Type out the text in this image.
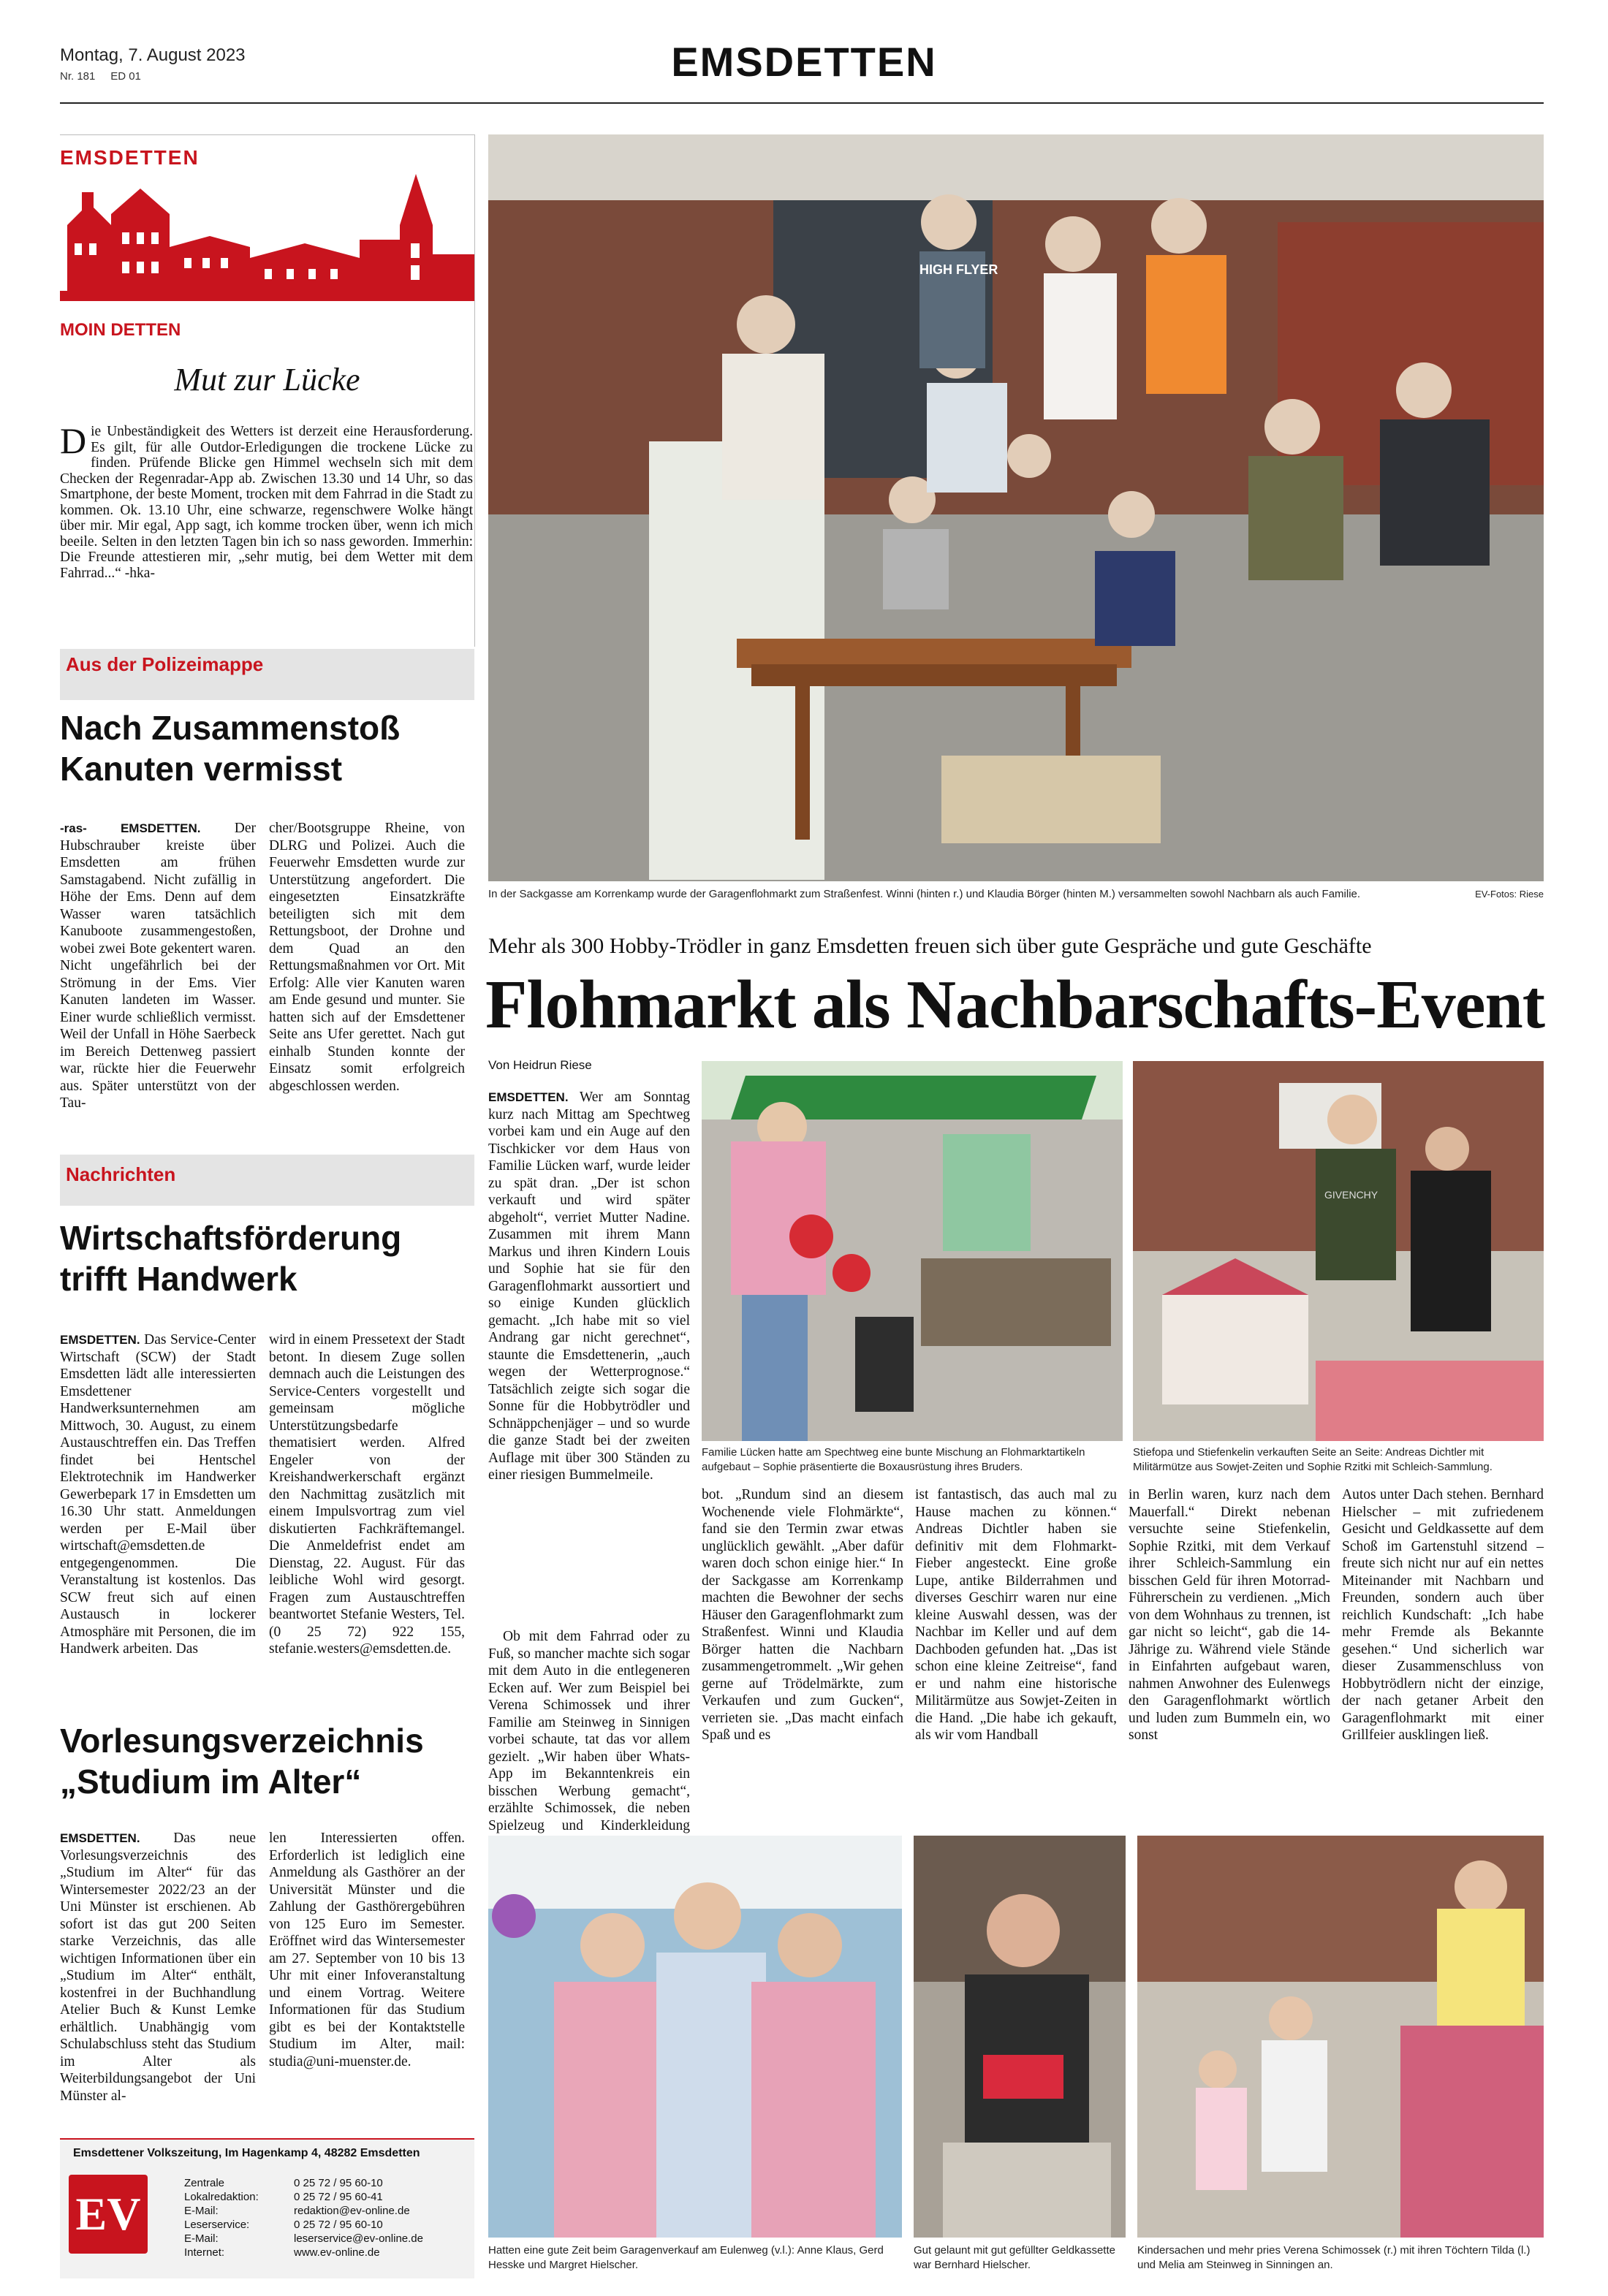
Montag, 7. August 2023
Nr. 181     ED 01	EMSDETTEN
EMSDETTEN
MOIN DETTEN
Mut zur Lücke
D ie Unbeständigkeit des Wetters ist derzeit eine Herausforderung. Es gilt, für alle Outdor-Erledigungen die trockene Lücke zu finden. Prüfende Blicke gen Himmel wechseln sich mit dem Checken der Regenradar-App ab. Zwischen 13.30 und 14 Uhr, so das Smartphone, der beste Moment, trocken mit dem Fahrrad in die Stadt zu kommen. Ok. 13.10 Uhr, eine schwarze, regenschwere Wolke hängt über mir. Mir egal, App sagt, ich komme trocken über, wenn ich mich beeile. Selten in den letzten Tagen bin ich so nass geworden. Immerhin: Die Freunde attestieren mir, „sehr mutig, bei dem Wetter mit dem Fahrrad...“ -hka-
Aus der Polizeimappe
Nach Zusammenstoß Kanuten vermisst
-ras- EMSDETTEN. Der Hubschrauber kreiste über Emsdetten am frühen Samstagabend. Nicht zufällig in Höhe der Ems. Denn auf dem Wasser waren tatsächlich Kanuboote zusammengestoßen, wobei zwei Bote gekentert waren. Nicht ungefährlich bei der Strömung in der Ems. Vier Kanuten landeten im Wasser. Einer wurde schließlich vermisst. Weil der Unfall in Höhe Saerbeck im Bereich Dettenweg passiert war, rückte hier die Feuerwehr aus. Später unterstützt von der Tau-
cher/Bootsgruppe Rheine, von DLRG und Polizei. Auch die Feuerwehr Emsdetten wurde zur Unterstützung angefordert. Die eingesetzten Einsatzkräfte beteiligten sich mit dem Rettungsboot, der Drohne und dem Quad an den Rettungsmaßnahmen vor Ort. Mit Erfolg: Alle vier Kanuten waren am Ende gesund und munter. Sie hatten sich auf der Emsdettener Seite ans Ufer gerettet. Nach gut einhalb Stunden konnte der Einsatz somit erfolgreich abgeschlossen werden.
Nachrichten
Wirtschaftsförderung trifft Handwerk
EMSDETTEN. Das Service-Center Wirtschaft (SCW) der Stadt Emsdetten lädt alle interessierten Emsdettener Handwerksunternehmen am Mittwoch, 30. August, zu einem Austauschtreffen ein. Das Treffen findet bei Hentschel Elektrotechnik im Handwerker Gewerbepark 17 in Emsdetten um 16.30 Uhr statt. Anmeldungen werden per E-Mail über wirtschaft@emsdetten.de entgegengenommen. Die Veranstaltung ist kostenlos. Das SCW freut sich auf einen Austausch in lockerer Atmosphäre mit Personen, die im Handwerk arbeiten. Das
wird in einem Pressetext der Stadt betont. In diesem Zuge sollen demnach auch die Leistungen des Service-Centers vorgestellt und gemeinsam mögliche Unterstützungsbedarfe thematisiert werden. Alfred Engeler von der Kreishandwerkerschaft ergänzt den Nachmittag zusätzlich mit einem Impulsvortrag zum viel diskutierten Fachkräftemangel. Die Anmeldefrist endet am Dienstag, 22. August. Für das leibliche Wohl wird gesorgt. Fragen zum Austauschtreffen beantwortet Stefanie Westers, Tel. (0 25 72) 922 155, stefanie.westers@emsdetten.de.
Vorlesungsverzeichnis „Studium im Alter“
EMSDETTEN. Das neue Vorlesungsverzeichnis des „Studium im Alter“ für das Wintersemester 2022/23 an der Uni Münster ist erschienen. Ab sofort ist das gut 200 Seiten starke Verzeichnis, das alle wichtigen Informationen über ein „Studium im Alter“ enthält, kostenfrei in der Buchhandlung Atelier Buch & Kunst Lemke erhältlich. Unabhängig vom Schulabschluss steht das Studium im Alter als Weiterbildungsangebot der Uni Münster al-
len Interessierten offen. Erforderlich ist lediglich eine Anmeldung als Gasthörer an der Universität Münster und die Zahlung der Gasthörergebühren von 125 Euro im Semester. Eröffnet wird das Wintersemester am 27. September von 10 bis 13 Uhr mit einer Infoveranstaltung und einem Vortrag. Weitere Informationen für das Studium gibt es bei der Kontaktstelle Studium im Alter, mail: studia@uni-muenster.de.
Emsdettener Volkszeitung, Im Hagenkamp 4, 48282 Emsdetten
EV
Zentrale	0 25 72 / 95 60-10
Lokalredaktion:	0 25 72 / 95 60-41
E-Mail:	redaktion@ev-online.de
Leserservice:	0 25 72 / 95 60-10
E-Mail:	leserservice@ev-online.de
Internet:	www.ev-online.de
HIGH FLYER
In der Sackgasse am Korrenkamp wurde der Garagenflohmarkt zum Straßenfest. Winni (hinten r.) und Klaudia Börger (hinten M.) versammelten sowohl Nachbarn als auch Familie.	EV-Fotos: Riese
Mehr als 300 Hobby-Trödler in ganz Emsdetten freuen sich über gute Gespräche und gute Geschäfte
Flohmarkt als Nachbarschafts-Event
Von Heidrun Riese
EMSDETTEN. Wer am Sonntag kurz nach Mittag am Spechtweg vorbei kam und ein Auge auf den Tischkicker vor dem Haus von Familie Lücken warf, wurde leider zu spät dran. „Der ist schon verkauft und wird später abgeholt“, verriet Mutter Nadine. Zusammen mit ihrem Mann Markus und ihren Kindern Louis und Sophie hat sie für den Garagenflohmarkt aussortiert und so einige Kunden glücklich gemacht. „Ich habe mit so viel Andrang gar nicht gerechnet“, staunte die Emsdettenerin, „auch wegen der Wetterprognose.“ Tatsächlich zeigte sich sogar die Sonne für die Hobbytrödler und Schnäppchenjäger – und so wurde die ganze Stadt bei der zweiten Auflage mit über 300 Ständen zu einer riesigen Bummelmeile.
Ob mit dem Fahrrad oder zu Fuß, so mancher machte sich sogar mit dem Auto in die entlegeneren Ecken auf. Wer zum Beispiel bei Verena Schimossek und ihrer Familie am Steinweg in Sinnigen vorbei schaute, tat das vor allem gezielt. „Wir haben über Whats-App im Bekanntenkreis ein bisschen Werbung gemacht“, erzählte Schimossek, die neben Spielzeug und Kinderkleidung
Familie Lücken hatte am Spechtweg eine bunte Mischung an Flohmarktartikeln aufgebaut – Sophie präsentierte die Boxausrüstung ihres Bruders.
GIVENCHY
Stiefopa und Stiefenkelin verkauften Seite an Seite: Andreas Dichtler mit Militärmütze aus Sowjet-Zeiten und Sophie Rzitki mit Schleich-Sammlung.
bot. „Rundum sind an diesem Wochenende viele Flohmärkte“, fand sie den Termin zwar etwas unglücklich gewählt. „Aber dafür waren doch schon einige hier.“ In der Sackgasse am Korrenkamp machten die Bewohner der sechs Häuser den Garagenflohmarkt zum Straßenfest. Winni und Klaudia Börger hatten die Nachbarn zusammengetrommelt. „Wir gehen gerne auf Trödelmärkte, zum Verkaufen und zum Gucken“, verrieten sie. „Das macht einfach Spaß und es
ist fantastisch, das auch mal zu Hause machen zu können.“ Andreas Dichtler haben sie definitiv mit dem Flohmarkt-Fieber angesteckt. Eine große Lupe, antike Bilderrahmen und diverses Geschirr waren nur eine kleine Auswahl dessen, was der Nachbar im Keller und auf dem Dachboden gefunden hat. „Das ist schon eine kleine Zeitreise“, fand er und nahm eine historische Militärmütze aus Sowjet-Zeiten in die Hand. „Die habe ich gekauft, als wir vom Handball
in Berlin waren, kurz nach dem Mauerfall.“ Direkt nebenan versuchte seine Stiefenkelin, Sophie Rzitki, mit dem Verkauf ihrer Schleich-Sammlung ein bisschen Geld für ihren Motorrad-Führerschein zu verdienen. „Mich von dem Wohnhaus zu trennen, ist gar nicht so leicht“, gab die 14-Jährige zu. Während viele Stände in Einfahrten aufgebaut waren, nahmen Anwohner des Eulenwegs den Garagenflohmarkt wörtlich und luden zum Bummeln ein, wo sonst
Autos unter Dach stehen. Bernhard Hielscher – mit zufriedenem Gesicht und Geldkassette auf dem Schoß im Gartenstuhl sitzend – freute sich nicht nur auf ein nettes Miteinander mit Nachbarn und Freunden, sondern auch über reichlich Kundschaft: „Ich habe mehr Fremde als Bekannte gesehen.“ Und sicherlich war dieser Zusammenschluss von Hobbytrödlern nicht der einzige, der nach getaner Arbeit den Garagenflohmarkt mit einer Grillfeier ausklingen ließ.
Hatten eine gute Zeit beim Garagenverkauf am Eulenweg (v.l.): Anne Klaus, Gerd Hesske und Margret Hielscher.
Gut gelaunt mit gut gefüllter Geldkassette war Bernhard Hielscher.
Kindersachen und mehr pries Verena Schimossek (r.) mit ihren Töchtern Tilda (l.) und Melia am Steinweg in Sinningen an.
